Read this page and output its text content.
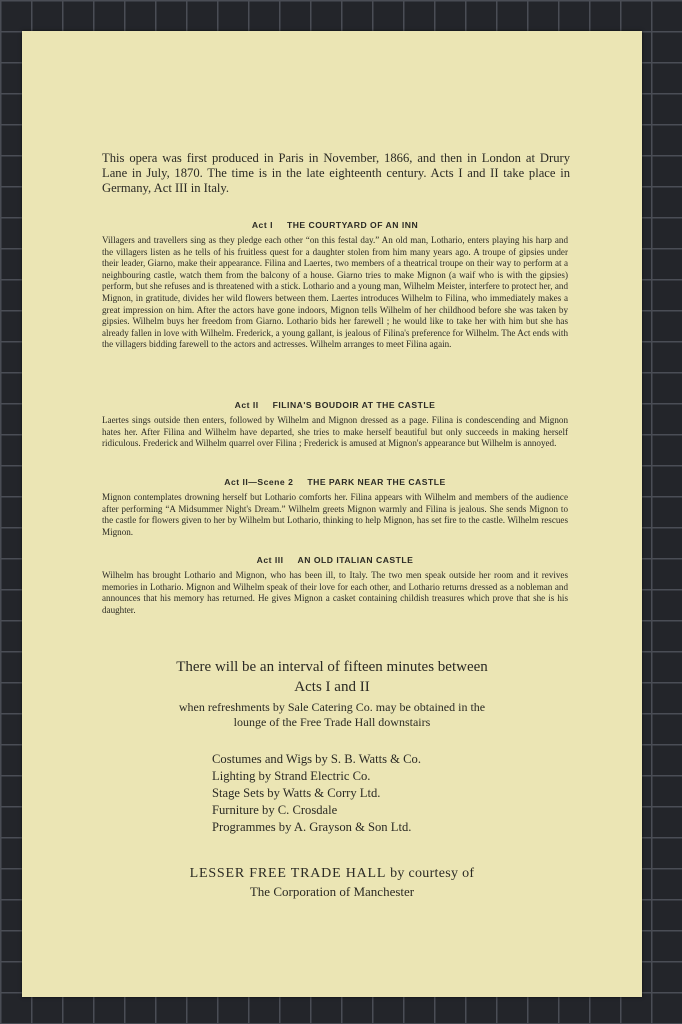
This opera was first produced in Paris in November, 1866, and then in London at Drury Lane in July, 1870. The time is in the late eighteenth century. Acts I and II take place in Germany, Act III in Italy.
Act I THE COURTYARD OF AN INN
Villagers and travellers sing as they pledge each other “on this festal day.” An old man, Lothario, enters playing his harp and the villagers listen as he tells of his fruitless quest for a daughter stolen from him many years ago. A troupe of gipsies under their leader, Giarno, make their appearance. Filina and Laertes, two members of a theatrical troupe on their way to perform at a neighbouring castle, watch them from the balcony of a house. Giarno tries to make Mignon (a waif who is with the gipsies) perform, but she refuses and is threatened with a stick. Lothario and a young man, Wilhelm Meister, interfere to protect her, and Mignon, in gratitude, divides her wild flowers between them. Laertes introduces Wilhelm to Filina, who immediately makes a great impression on him. After the actors have gone indoors, Mignon tells Wilhelm of her childhood before she was taken by gipsies. Wilhelm buys her freedom from Giarno. Lothario bids her farewell ; he would like to take her with him but she has already fallen in love with Wilhelm. Frederick, a young gallant, is jealous of Filina's preference for Wilhelm. The Act ends with the villagers bidding farewell to the actors and actresses. Wilhelm arranges to meet Filina again.
Act II FILINA'S BOUDOIR AT THE CASTLE
Laertes sings outside then enters, followed by Wilhelm and Mignon dressed as a page. Filina is condescending and Mignon hates her. After Filina and Wilhelm have departed, she tries to make herself beautiful but only succeeds in making herself ridiculous. Frederick and Wilhelm quarrel over Filina ; Frederick is amused at Mignon's appearance but Wilhelm is annoyed.
Act II—Scene 2 THE PARK NEAR THE CASTLE
Mignon contemplates drowning herself but Lothario comforts her. Filina appears with Wilhelm and members of the audience after performing “A Midsummer Night's Dream.” Wilhelm greets Mignon warmly and Filina is jealous. She sends Mignon to the castle for flowers given to her by Wilhelm but Lothario, thinking to help Mignon, has set fire to the castle. Wilhelm rescues Mignon.
Act III AN OLD ITALIAN CASTLE
Wilhelm has brought Lothario and Mignon, who has been ill, to Italy. The two men speak outside her room and it revives memories in Lothario. Mignon and Wilhelm speak of their love for each other, and Lothario returns dressed as a nobleman and announces that his memory has returned. He gives Mignon a casket containing childish treasures which prove that she is his daughter.
There will be an interval of fifteen minutes between
Acts I and II
when refreshments by Sale Catering Co. may be obtained in the
lounge of the Free Trade Hall downstairs
Costumes and Wigs by S. B. Watts & Co.
Lighting by Strand Electric Co.
Stage Sets by Watts & Corry Ltd.
Furniture by C. Crosdale
Programmes by A. Grayson & Son Ltd.
LESSER FREE TRADE HALL by courtesy of
The Corporation of Manchester
